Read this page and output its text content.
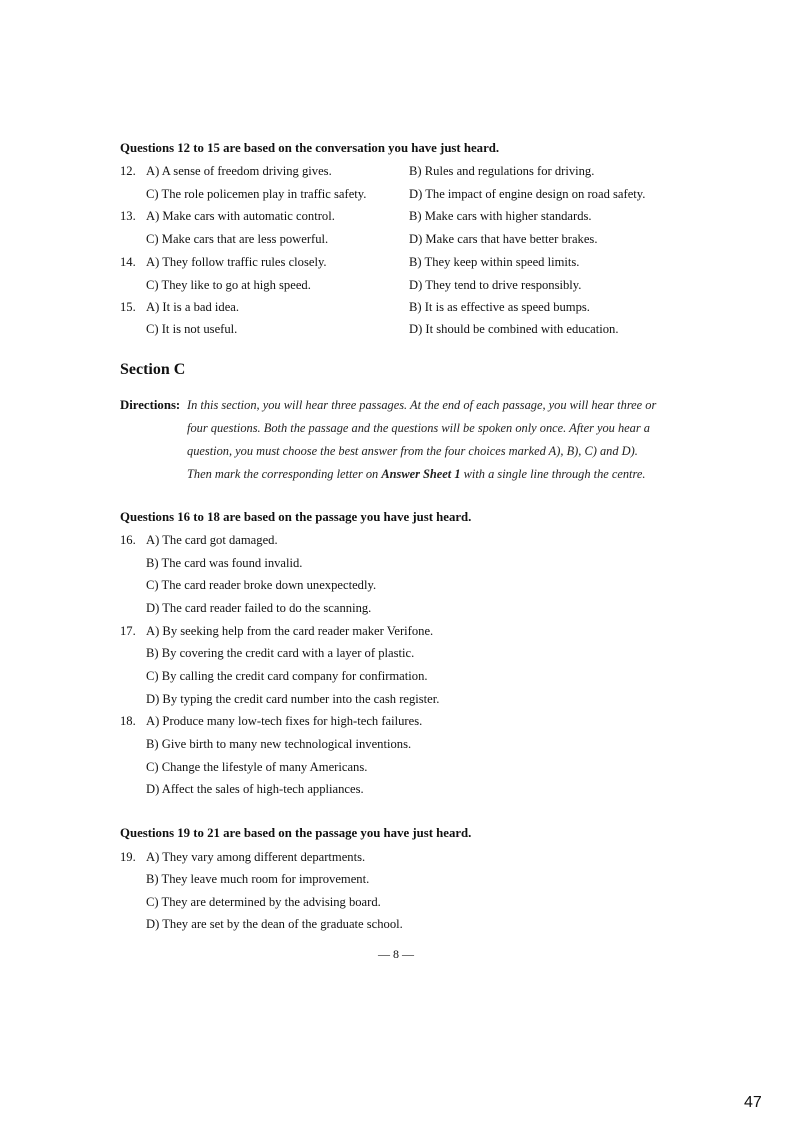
Questions 12 to 15 are based on the conversation you have just heard.
12. A) A sense of freedom driving gives.	B) Rules and regulations for driving.
C) The role policemen play in traffic safety.	D) The impact of engine design on road safety.
13. A) Make cars with automatic control.	B) Make cars with higher standards.
C) Make cars that are less powerful.	D) Make cars that have better brakes.
14. A) They follow traffic rules closely.	B) They keep within speed limits.
C) They like to go at high speed.	D) They tend to drive responsibly.
15. A) It is a bad idea.	B) It is as effective as speed bumps.
C) It is not useful.	D) It should be combined with education.
Section C
Directions: In this section, you will hear three passages. At the end of each passage, you will hear three or
four questions. Both the passage and the questions will be spoken only once. After you hear a
question, you must choose the best answer from the four choices marked A), B), C) and D).
Then mark the corresponding letter on Answer Sheet 1 with a single line through the centre.
Questions 16 to 18 are based on the passage you have just heard.
16. A) The card got damaged.
B) The card was found invalid.
C) The card reader broke down unexpectedly.
D) The card reader failed to do the scanning.
17. A) By seeking help from the card reader maker Verifone.
B) By covering the credit card with a layer of plastic.
C) By calling the credit card company for confirmation.
D) By typing the credit card number into the cash register.
18. A) Produce many low-tech fixes for high-tech failures.
B) Give birth to many new technological inventions.
C) Change the lifestyle of many Americans.
D) Affect the sales of high-tech appliances.
Questions 19 to 21 are based on the passage you have just heard.
19. A) They vary among different departments.
B) They leave much room for improvement.
C) They are determined by the advising board.
D) They are set by the dean of the graduate school.
— 8 —
47
